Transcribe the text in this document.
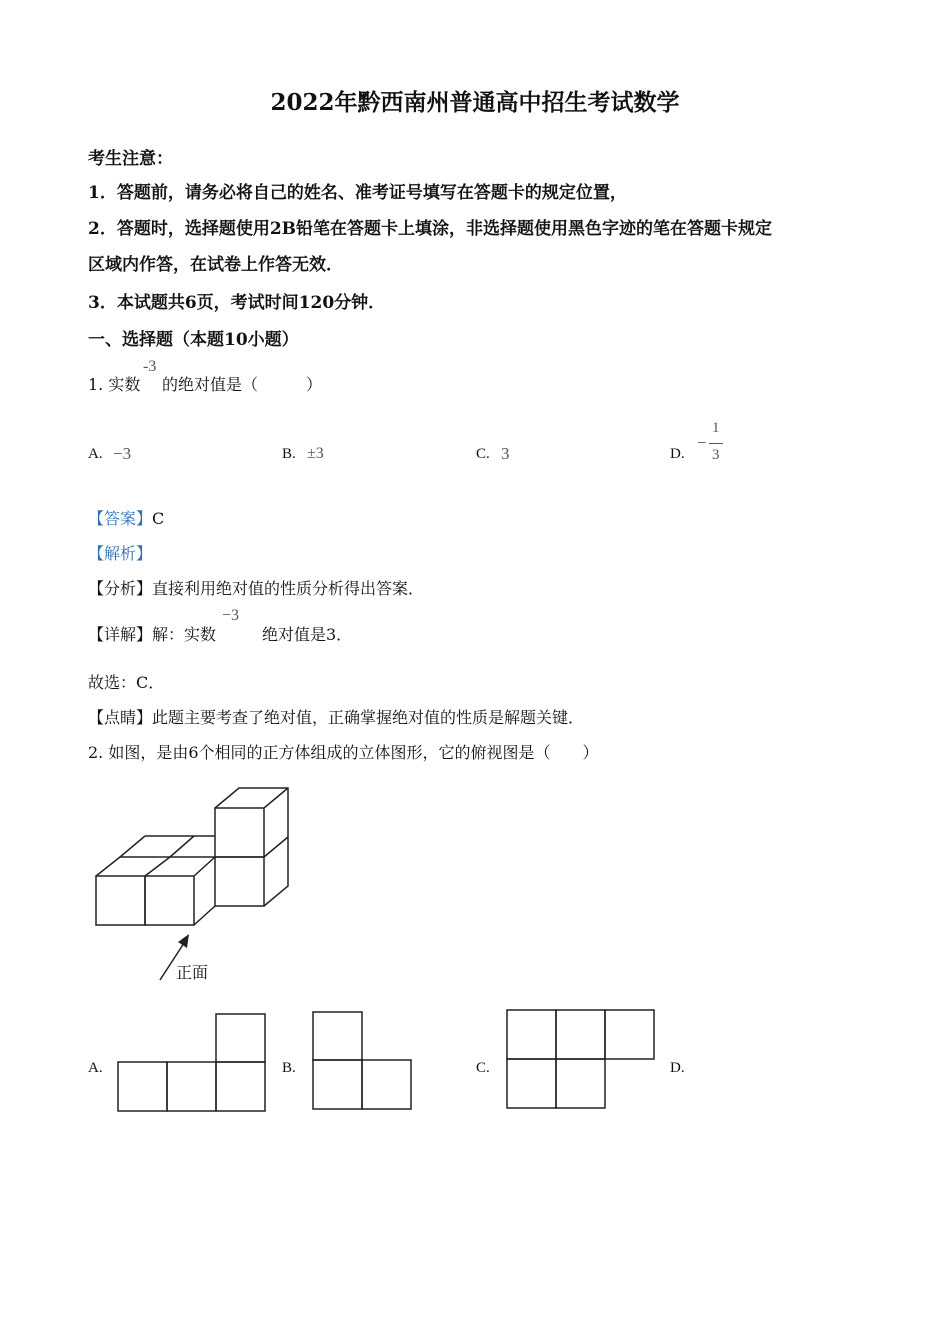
2022年黔西南州普通高中招生考试数学
考生注意：
1．答题前，请务必将自己的姓名、准考证号填写在答题卡的规定位置，
2．答题时，选择题使用2B铅笔在答题卡上填涂，非选择题使用黑色字迹的笔在答题卡规定
区域内作答，在试卷上作答无效．
3．本试题共6页，考试时间120分钟．
一、选择题（本题10小题）
1. 实数
-3
的绝对值是（　　　）
A. −3	B. ±3	C. 3	D.
−
1
3
【答案】C
【解析】
【分析】直接利用绝对值的性质分析得出答案．
【详解】解：实数
−3
绝对值是3．
故选：C．
【点睛】此题主要考查了绝对值，正确掌握绝对值的性质是解题关键．
2. 如图，是由6个相同的正方体组成的立体图形，它的俯视图是（　　）
正面
A.	B.	C.	D.
